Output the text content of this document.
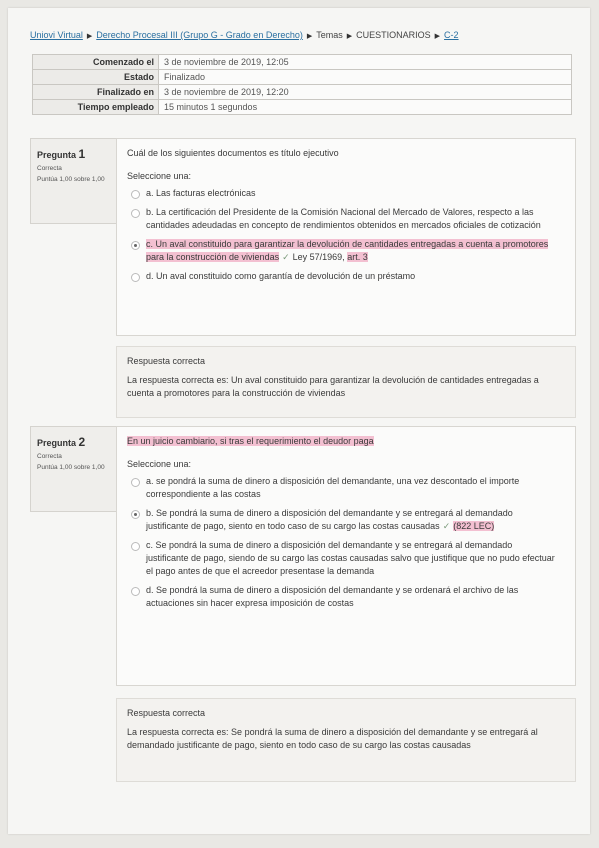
Uniovi Virtual ▶ Derecho Procesal III (Grupo G - Grado en Derecho) ▶ Temas ▶ CUESTIONARIOS ▶ C-2
Comenzado el	3 de noviembre de 2019, 12:05
Estado	Finalizado
Finalizado en	3 de noviembre de 2019, 12:20
Tiempo empleado	15 minutos 1 segundos
Pregunta 1
Correcta
Puntúa 1,00 sobre 1,00
Cuál de los siguientes documentos es título ejecutivo
Seleccione una:
a. Las facturas electrónicas
b. La certificación del Presidente de la Comisión Nacional del Mercado de Valores, respecto a las cantidades adeudadas en concepto de rendimientos obtenidos en mercados oficiales de cotización
c. Un aval constituido para garantizar la devolución de cantidades entregadas a cuenta a promotores para la construcción de viviendas ✓ Ley 57/1969, art. 3
d. Un aval constituido como garantía de devolución de un préstamo
Respuesta correcta
La respuesta correcta es: Un aval constituido para garantizar la devolución de cantidades entregadas a cuenta a promotores para la construcción de viviendas
Pregunta 2
Correcta
Puntúa 1,00 sobre 1,00
En un juicio cambiario, si tras el requerimiento el deudor paga
Seleccione una:
a. se pondrá la suma de dinero a disposición del demandante, una vez descontado el importe correspondiente a las costas
b. Se pondrá la suma de dinero a disposición del demandante y se entregará al demandado justificante de pago, siento en todo caso de su cargo las costas causadas ✓ (822 LEC)
c. Se pondrá la suma de dinero a disposición del demandante y se entregará al demandado justificante de pago, siendo de su cargo las costas causadas salvo que justifique que no pudo efectuar el pago antes de que el acreedor presentase la demanda
d. Se pondrá la suma de dinero a disposición del demandante y se ordenará el archivo de las actuaciones sin hacer expresa imposición de costas
Respuesta correcta
La respuesta correcta es: Se pondrá la suma de dinero a disposición del demandante y se entregará al demandado justificante de pago, siento en todo caso de su cargo las costas causadas
